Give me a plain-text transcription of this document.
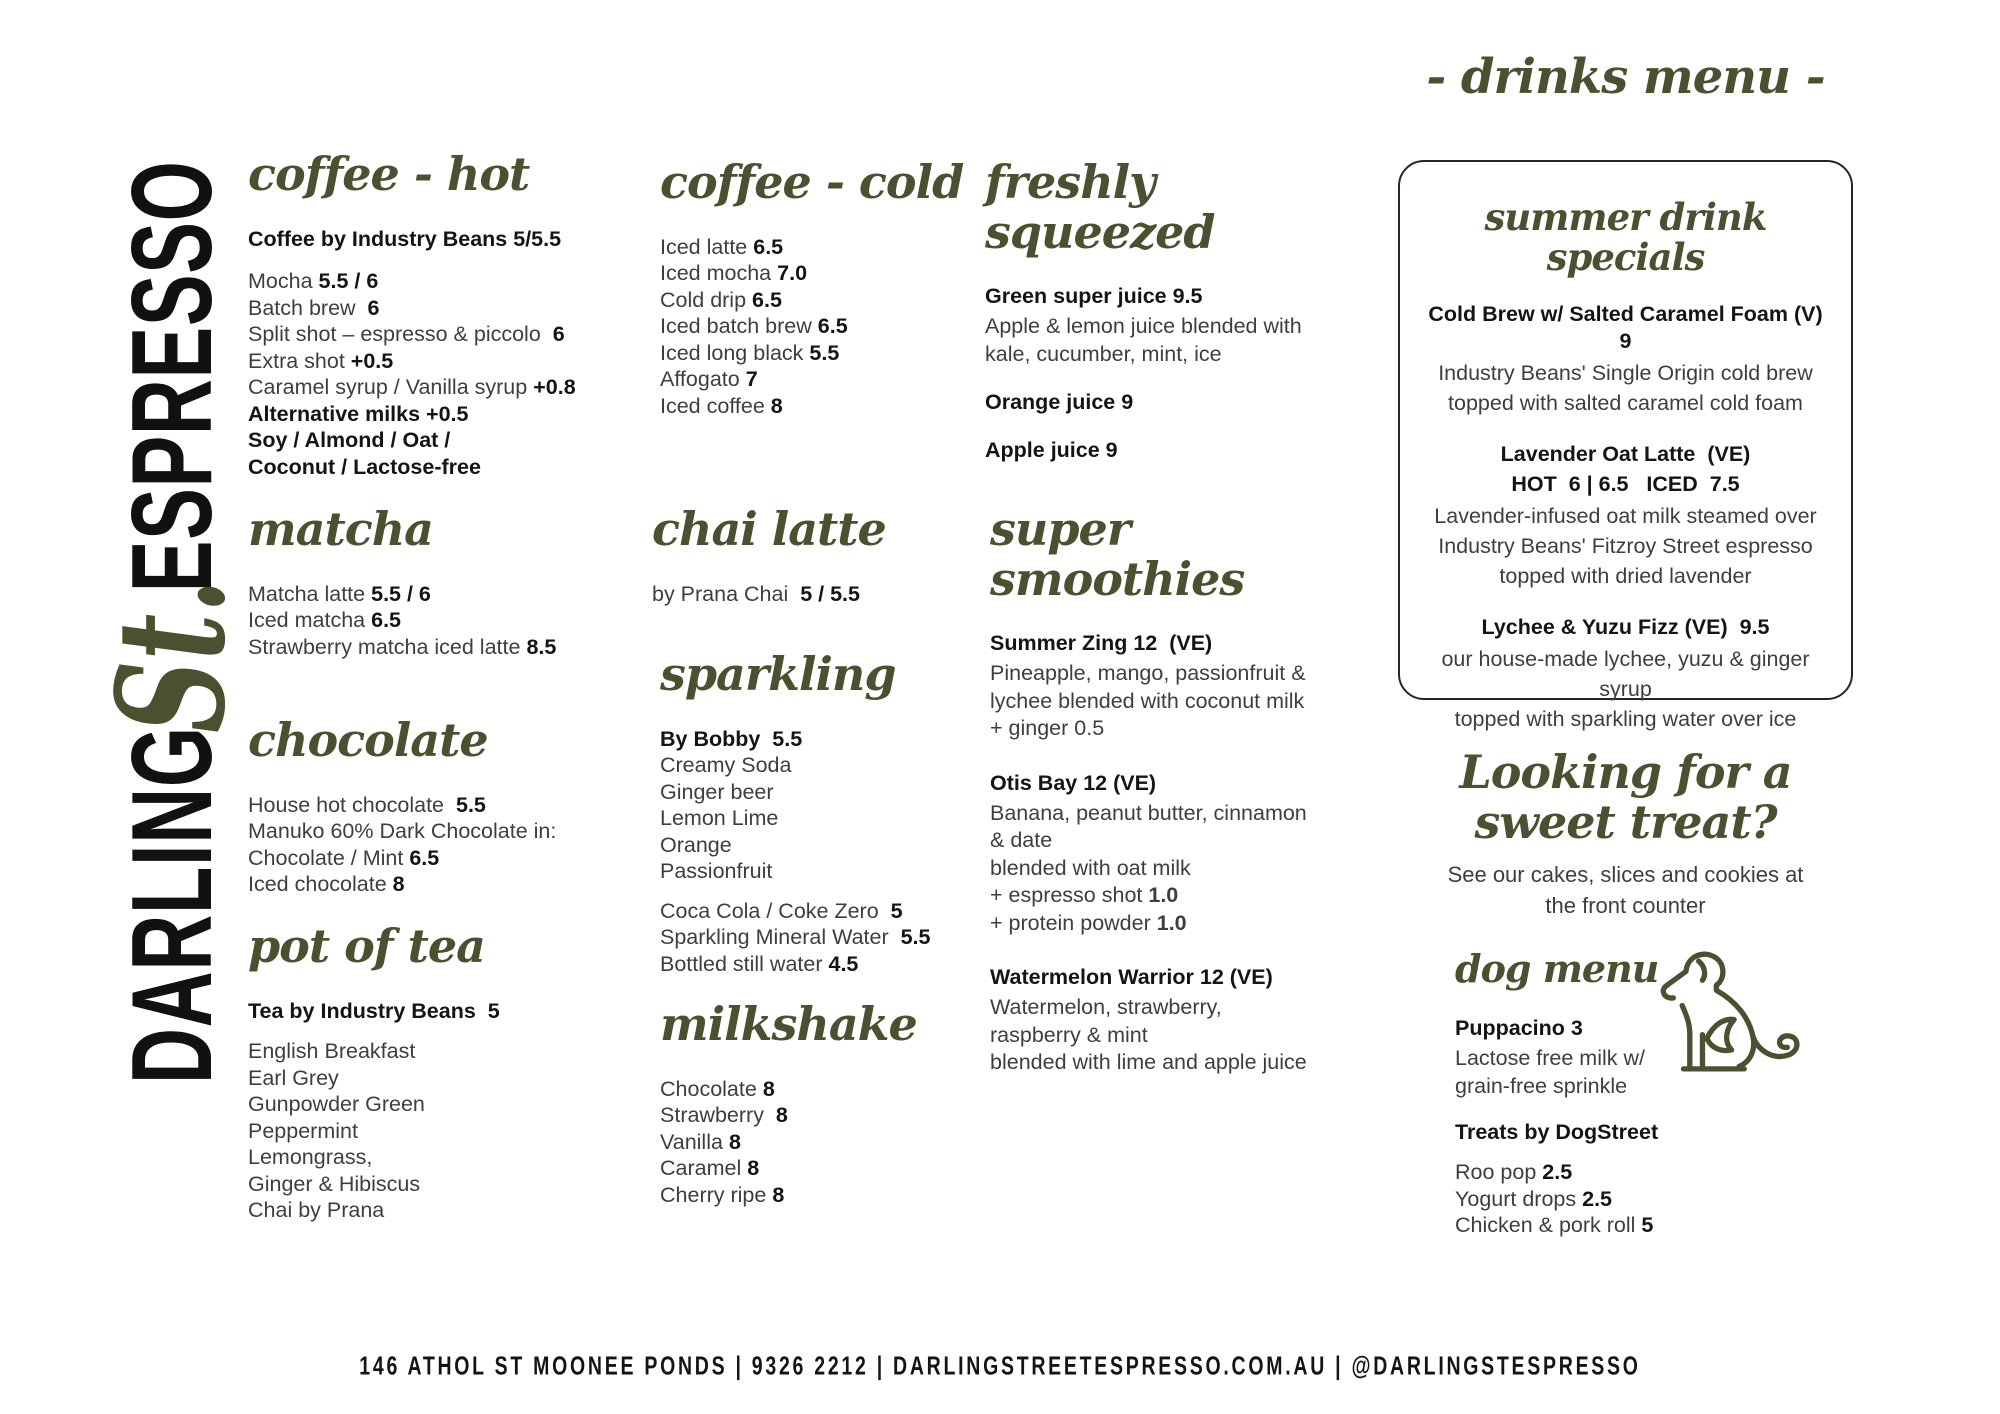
DARLINGSt.ESPRESSO
- drinks menu -
coffee - hot

Coffee by Industry Beans 5/5.5

Mocha 5.5 / 6

Batch brew 6

Split shot – espresso & piccolo 6

Extra shot +0.5

Caramel syrup / Vanilla syrup +0.8

Alternative milks +0.5

Soy / Almond / Oat /

Coconut / Lactose-free

matcha

Matcha latte 5.5 / 6

Iced matcha 6.5

Strawberry matcha iced latte 8.5

chocolate

House hot chocolate 5.5

Manuko 60% Dark Chocolate in:

Chocolate / Mint 6.5

Iced chocolate 8

pot of tea

Tea by Industry Beans 5

English Breakfast

Earl Grey

Gunpowder Green

Peppermint

Lemongrass,

Ginger & Hibiscus

Chai by Prana

coffee - cold

Iced latte 6.5

Iced mocha 7.0

Cold drip 6.5

Iced batch brew 6.5

Iced long black 5.5

Affogato 7

Iced coffee 8

chai latte

by Prana Chai 5 / 5.5

sparkling

By Bobby 5.5

Creamy Soda

Ginger beer

Lemon Lime

Orange

Passionfruit

Coca Cola / Coke Zero 5

Sparkling Mineral Water 5.5

Bottled still water 4.5

milkshake

Chocolate 8

Strawberry 8

Vanilla 8

Caramel 8

Cherry ripe 8

freshly squeezed

Green super juice 9.5

Apple & lemon juice blended with

kale, cucumber, mint, ice

Orange juice 9

Apple juice 9

super smoothies

Summer Zing 12  (VE)

Pineapple, mango, passionfruit &

lychee blended with coconut milk

+ ginger 0.5

Otis Bay 12 (VE)

Banana, peanut butter, cinnamon

& date

blended with oat milk

+ espresso shot 1.0

+ protein powder 1.0

Watermelon Warrior 12 (VE)

Watermelon, strawberry,

raspberry & mint

blended with lime and apple juice

summer drink specials

Cold Brew w/ Salted Caramel Foam (V)  9

Industry Beans' Single Origin cold brew

topped with salted caramel cold foam

Lavender Oat Latte  (VE)

HOT  6 | 6.5   ICED  7.5

Lavender-infused oat milk steamed over

Industry Beans' Fitzroy Street espresso

topped with dried lavender

Lychee & Yuzu Fizz (VE)  9.5

our house-made lychee, yuzu & ginger syrup

topped with sparkling water over ice

Looking for a sweet treat?

See our cakes, slices and cookies at

the front counter

dog menu

Puppacino 3

Lactose free milk w/

grain-free sprinkle

Treats by DogStreet

Roo pop 2.5

Yogurt drops 2.5

Chicken & pork roll 5

146 ATHOL ST MOONEE PONDS | 9326 2212 | DARLINGSTREETESPRESSO.COM.AU | @DARLINGSTESPRESSO
